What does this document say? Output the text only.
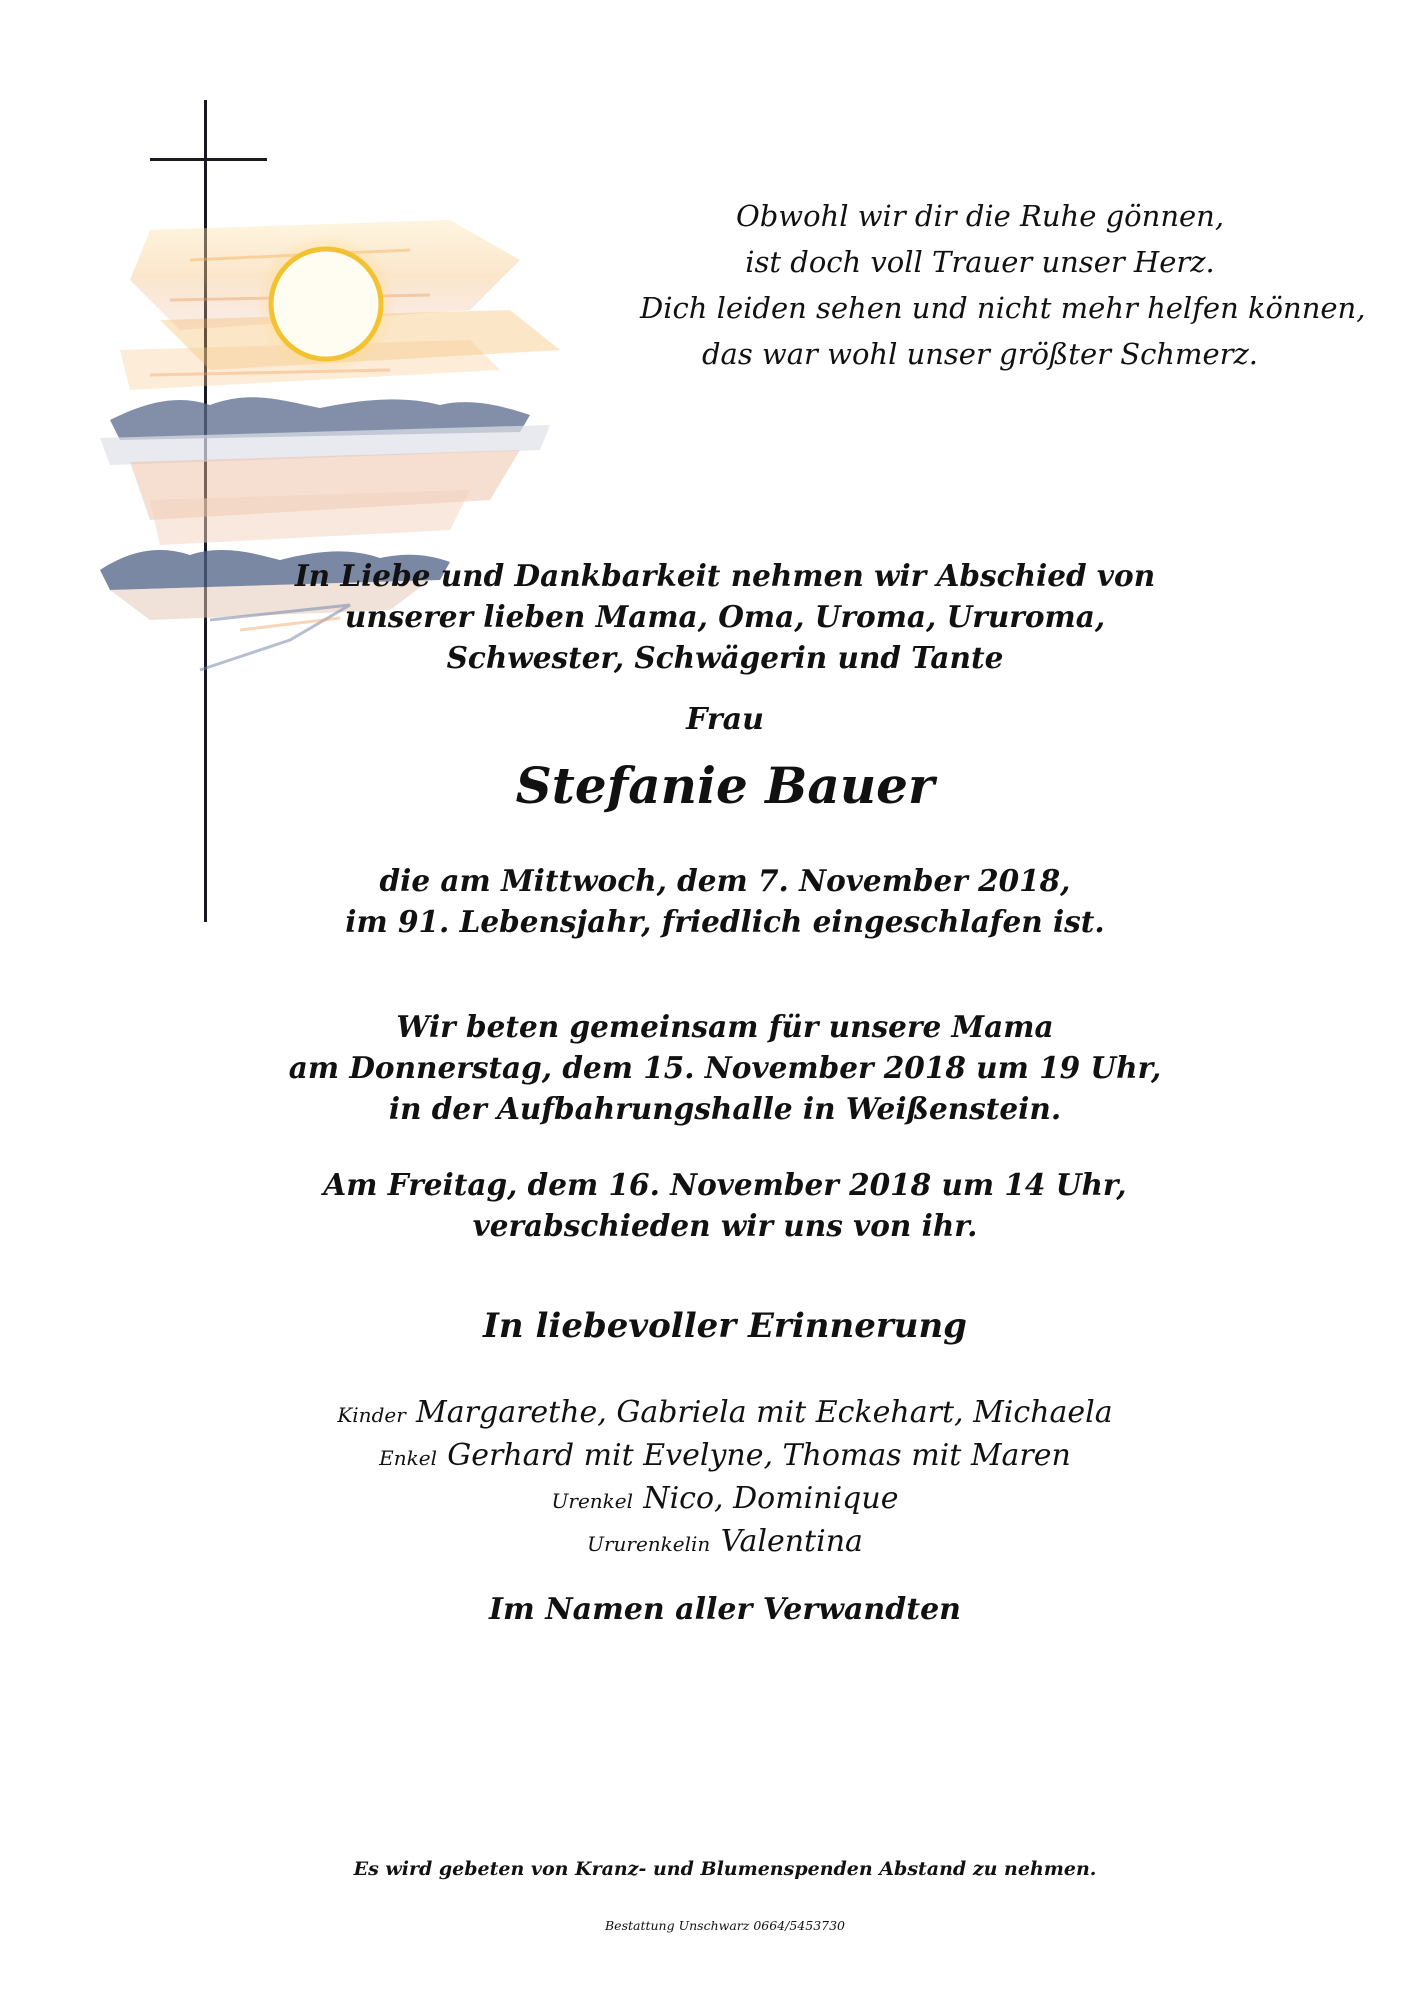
Obwohl wir dir die Ruhe gönnen,
ist doch voll Trauer unser Herz.
Dich leiden sehen und nicht mehr helfen können,
das war wohl unser größter Schmerz.
In Liebe und Dankbarkeit nehmen wir Abschied von
unserer lieben Mama, Oma, Uroma, Ururoma,
Schwester, Schwägerin und Tante
Frau
Stefanie Bauer
die am Mittwoch, dem 7. November 2018,
im 91. Lebensjahr, friedlich eingeschlafen ist.
Wir beten gemeinsam für unsere Mama
am Donnerstag, dem 15. November 2018 um 19 Uhr,
in der Aufbahrungshalle in Weißenstein.
Am Freitag, dem 16. November 2018 um 14 Uhr,
verabschieden wir uns von ihr.
In liebevoller Erinnerung
Kinder Margarethe, Gabriela mit Eckehart, Michaela
Enkel Gerhard mit Evelyne, Thomas mit Maren
Urenkel Nico, Dominique
Ururenkelin Valentina
Im Namen aller Verwandten
Es wird gebeten von Kranz- und Blumenspenden Abstand zu nehmen.
Bestattung Unschwarz 0664/5453730
